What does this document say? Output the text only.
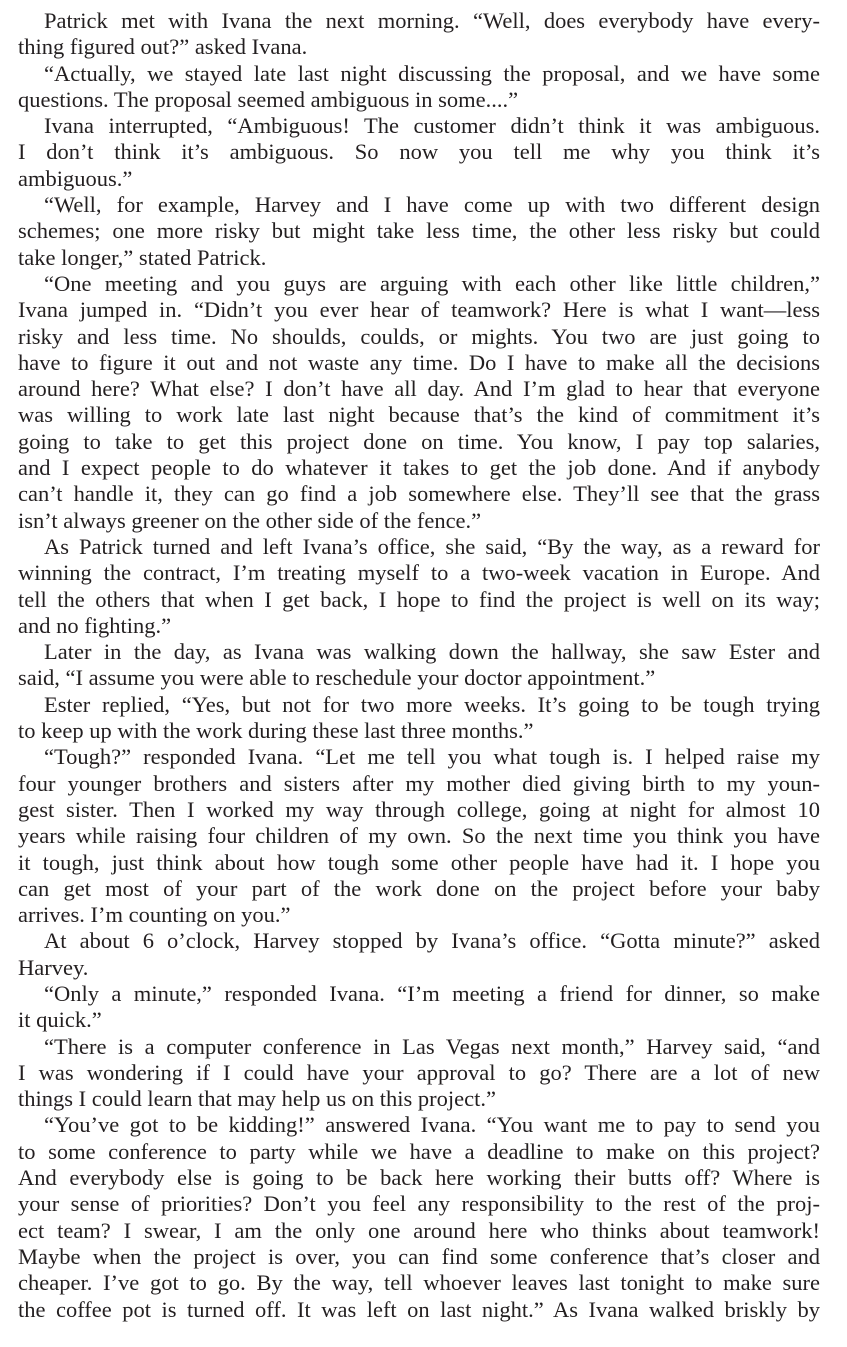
Patrick met with Ivana the next morning. “Well, does everybody have every-
thing figured out?” asked Ivana.
“Actually, we stayed late last night discussing the proposal, and we have some
questions. The proposal seemed ambiguous in some....”
Ivana interrupted, “Ambiguous! The customer didn’t think it was ambiguous.
I don’t think it’s ambiguous. So now you tell me why you think it’s
ambiguous.”
“Well, for example, Harvey and I have come up with two different design
schemes; one more risky but might take less time, the other less risky but could
take longer,” stated Patrick.
“One meeting and you guys are arguing with each other like little children,”
Ivana jumped in. “Didn’t you ever hear of teamwork? Here is what I want—less
risky and less time. No shoulds, coulds, or mights. You two are just going to
have to figure it out and not waste any time. Do I have to make all the decisions
around here? What else? I don’t have all day. And I’m glad to hear that everyone
was willing to work late last night because that’s the kind of commitment it’s
going to take to get this project done on time. You know, I pay top salaries,
and I expect people to do whatever it takes to get the job done. And if anybody
can’t handle it, they can go find a job somewhere else. They’ll see that the grass
isn’t always greener on the other side of the fence.”
As Patrick turned and left Ivana’s office, she said, “By the way, as a reward for
winning the contract, I’m treating myself to a two-week vacation in Europe. And
tell the others that when I get back, I hope to find the project is well on its way;
and no fighting.”
Later in the day, as Ivana was walking down the hallway, she saw Ester and
said, “I assume you were able to reschedule your doctor appointment.”
Ester replied, “Yes, but not for two more weeks. It’s going to be tough trying
to keep up with the work during these last three months.”
“Tough?” responded Ivana. “Let me tell you what tough is. I helped raise my
four younger brothers and sisters after my mother died giving birth to my youn-
gest sister. Then I worked my way through college, going at night for almost 10
years while raising four children of my own. So the next time you think you have
it tough, just think about how tough some other people have had it. I hope you
can get most of your part of the work done on the project before your baby
arrives. I’m counting on you.”
At about 6 o’clock, Harvey stopped by Ivana’s office. “Gotta minute?” asked
Harvey.
“Only a minute,” responded Ivana. “I’m meeting a friend for dinner, so make
it quick.”
“There is a computer conference in Las Vegas next month,” Harvey said, “and
I was wondering if I could have your approval to go? There are a lot of new
things I could learn that may help us on this project.”
“You’ve got to be kidding!” answered Ivana. “You want me to pay to send you
to some conference to party while we have a deadline to make on this project?
And everybody else is going to be back here working their butts off? Where is
your sense of priorities? Don’t you feel any responsibility to the rest of the proj-
ect team? I swear, I am the only one around here who thinks about teamwork!
Maybe when the project is over, you can find some conference that’s closer and
cheaper. I’ve got to go. By the way, tell whoever leaves last tonight to make sure
the coffee pot is turned off. It was left on last night.” As Ivana walked briskly by
